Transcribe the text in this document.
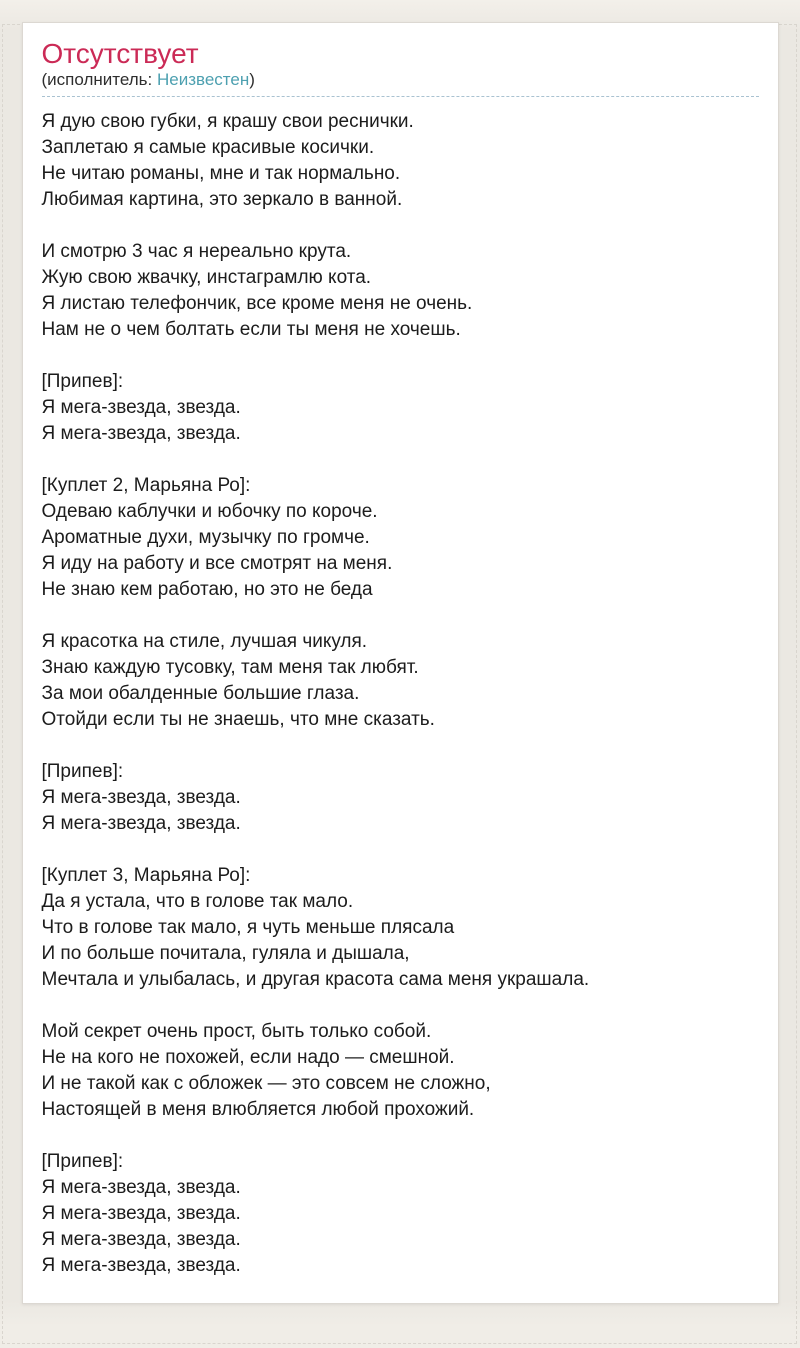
Отсутствует
(исполнитель: Неизвестен)
Я дую свою губки, я крашу свои реснички.
Заплетаю я самые красивые косички.
Не читаю романы, мне и так нормально.
Любимая картина, это зеркало в ванной.
И смотрю 3 час я нереально крута.
Жую свою жвачку, инстаграмлю кота.
Я листаю телефончик, все кроме меня не очень.
Нам не о чем болтать если ты меня не хочешь.
[Припев]:
Я мега-звезда, звезда.
Я мега-звезда, звезда.
[Куплет 2, Марьяна Ро]:
Одеваю каблучки и юбочку по короче.
Ароматные духи, музычку по громче.
Я иду на работу и все смотрят на меня.
Не знаю кем работаю, но это не беда
Я красотка на стиле, лучшая чикуля.
Знаю каждую тусовку, там меня так любят.
За мои обалденные большие глаза.
Отойди если ты не знаешь, что мне сказать.
[Припев]:
Я мега-звезда, звезда.
Я мега-звезда, звезда.
[Куплет 3, Марьяна Ро]:
Да я устала, что в голове так мало.
Что в голове так мало, я чуть меньше плясала
И по больше почитала, гуляла и дышала,
Мечтала и улыбалась, и другая красота сама меня украшала.
Мой секрет очень прост, быть только собой.
Не на кого не похожей, если надо — смешной.
И не такой как с обложек — это совсем не сложно,
Настоящей в меня влюбляется любой прохожий.
[Припев]:
Я мега-звезда, звезда.
Я мега-звезда, звезда.
Я мега-звезда, звезда.
Я мега-звезда, звезда.
